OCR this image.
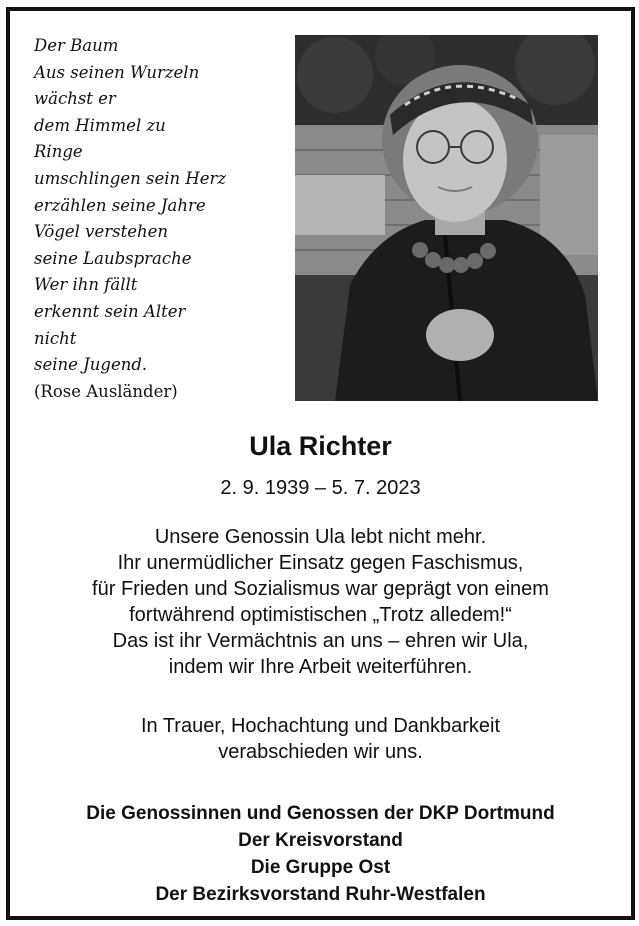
Der Baum
Aus seinen Wurzeln
wächst er
dem Himmel zu
Ringe
umschlingen sein Herz
erzählen seine Jahre
Vögel verstehen
seine Laubsprache
Wer ihn fällt
erkennt sein Alter
nicht
seine Jugend.
(Rose Ausländer)
Ula Richter
2. 9. 1939 – 5. 7. 2023
Unsere Genossin Ula lebt nicht mehr.
Ihr unermüdlicher Einsatz gegen Faschismus,
für Frieden und Sozialismus war geprägt von einem
fortwährend optimistischen „Trotz alledem!“
Das ist ihr Vermächtnis an uns – ehren wir Ula,
indem wir Ihre Arbeit weiterführen.
In Trauer, Hochachtung und Dankbarkeit
verabschieden wir uns.
Die Genossinnen und Genossen der DKP Dortmund
Der Kreisvorstand
Die Gruppe Ost
Der Bezirksvorstand Ruhr-Westfalen
